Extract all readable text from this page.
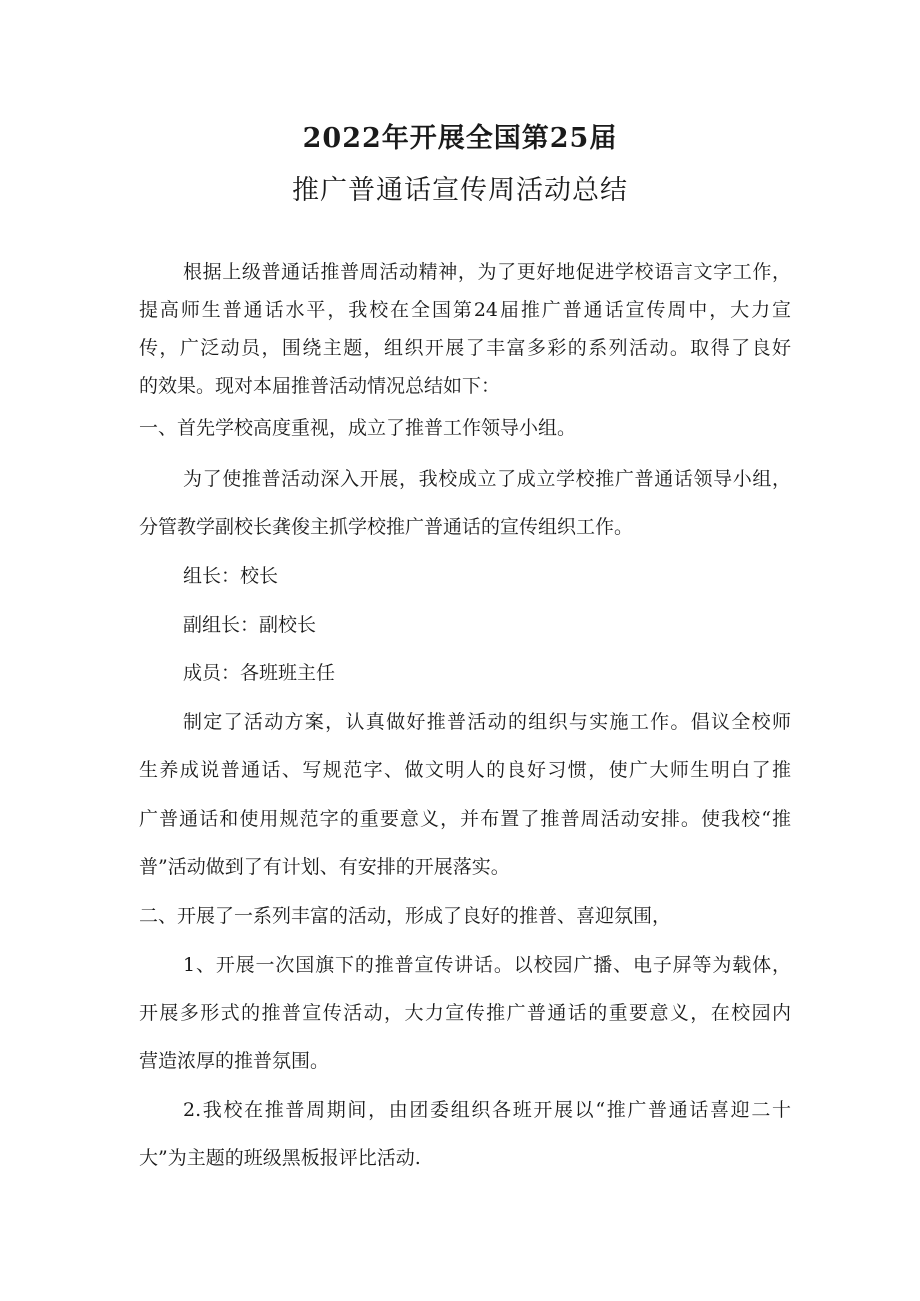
2022年开展全国第25届
推广普通话宣传周活动总结
根据上级普通话推普周活动精神，为了更好地促进学校语言文字工作，
提高师生普通话水平，我校在全国第24届推广普通话宣传周中，大力宣
传，广泛动员，围绕主题，组织开展了丰富多彩的系列活动。取得了良好
的效果。现对本届推普活动情况总结如下：
一、首先学校高度重视，成立了推普工作领导小组。
为了使推普活动深入开展，我校成立了成立学校推广普通话领导小组，
分管教学副校长龚俊主抓学校推广普通话的宣传组织工作。
组长：校长
副组长：副校长
成员：各班班主任
制定了活动方案，认真做好推普活动的组织与实施工作。倡议全校师
生养成说普通话、写规范字、做文明人的良好习惯，使广大师生明白了推
广普通话和使用规范字的重要意义，并布置了推普周活动安排。使我校“推
普”活动做到了有计划、有安排的开展落实。
二、开展了一系列丰富的活动，形成了良好的推普、喜迎氛围，
1、开展一次国旗下的推普宣传讲话。以校园广播、电子屏等为载体，
开展多形式的推普宣传活动，大力宣传推广普通话的重要意义，在校园内
营造浓厚的推普氛围。
2.我校在推普周期间，由团委组织各班开展以“推广普通话喜迎二十
大”为主题的班级黑板报评比活动.
